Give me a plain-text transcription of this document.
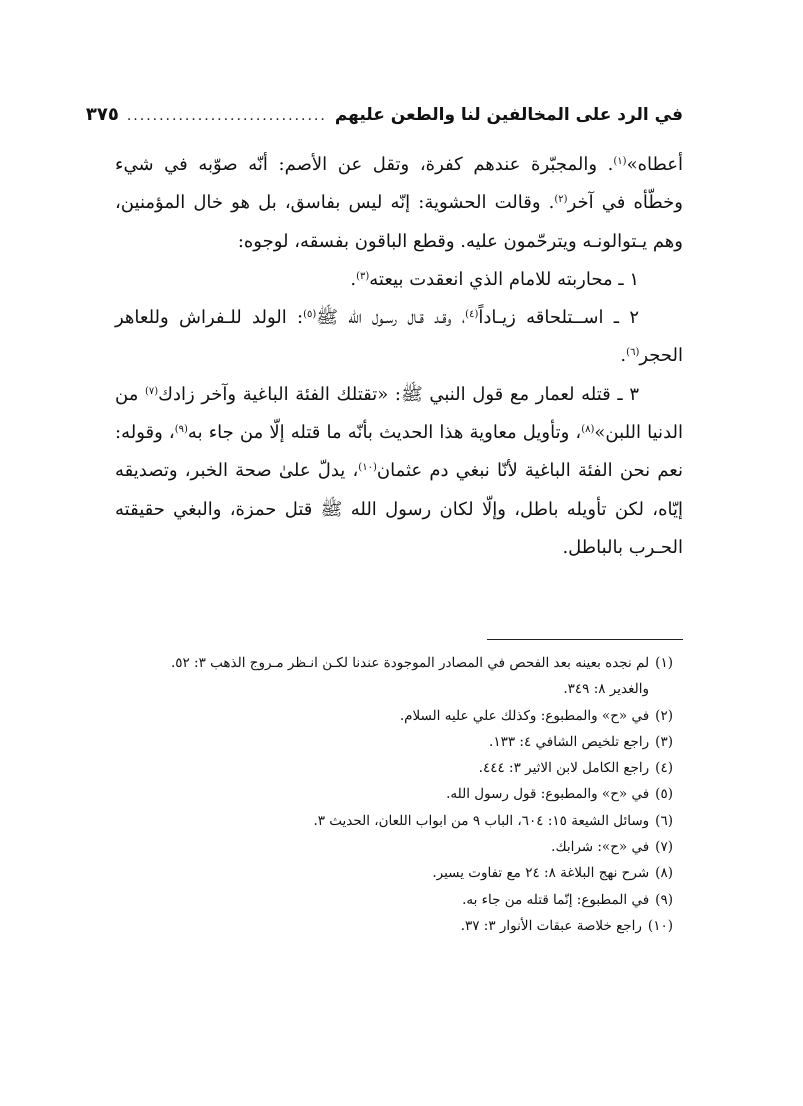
في الرد على المخالفين لنا والطعن عليهم
...............................
٣٧٥

أعطاه»$^{(١)}$. والمجبّرة عندهم كفرة، وتقل عن الأصم: أنّه صوّبه في شيء وخطّأه في آخر$^{(٢)}$. وقالت الحشوية: إنّه ليس بفاسق، بل هو خال المؤمنين، وهم يـتوالونـه ويترحّمون عليه. وقطع الباقون بفسقه، لوجوه:

١ ـ محاربته للامام الذي انعقدت بيعته$^{(٣)}$.

٢ ـ اســتلحاقه زيـاداً$^{(٤)}$، وقـد قـال رسـول الله ﷺ$^{(٥)}$: الولد للـفراش وللعاهر الحجر$^{(٦)}$.

٣ ـ قتله لعمار مع قول النبي ﷺ: «تقتلك الفئة الباغية وآخر زادك$^{(٧)}$ من الدنيا اللبن»$^{(٨)}$، وتأويل معاوية هذا الحديث بأنّه ما قتله إلّا من جاء به$^{(٩)}$، وقوله: نعم نحن الفئة الباغية لأنّا نبغي دم عثمان$^{(١٠)}$، يدلّ علىٰ صحة الخبر، وتصديقه إيّاه، لكن تأويله باطل، وإلّا لكان رسول الله ﷺ قتل حمزة، والبغي حقيقته الحـرب بالباطل.

(١)لم نجده بعينه بعد الفحص في المصادر الموجودة عندنا لكـن انـظر مـروج الذهب ٣: ٥٢.

والغدير ٨: ٣٤٩.

(٢)في «ح» والمطبوع: وكذلك علي عليه السلام.

(٣)راجع تلخيص الشافي ٤: ١٣٣.

(٤)راجع الكامل لابن الاثير ٣: ٤٤٤.

(٥)في «ح» والمطبوع: قول رسول الله.

(٦)وسائل الشيعة ١٥: ٦٠٤، الباب ٩ من ابواب اللعان، الحديث ٣.

(٧)في «ح»: شرابك.

(٨)شرح نهج البلاغة ٨: ٢٤ مع تفاوت يسير.

(٩)في المطبوع: إنّما قتله من جاء به.

(١٠)راجع خلاصة عبقات الأنوار ٣: ٣٧.
